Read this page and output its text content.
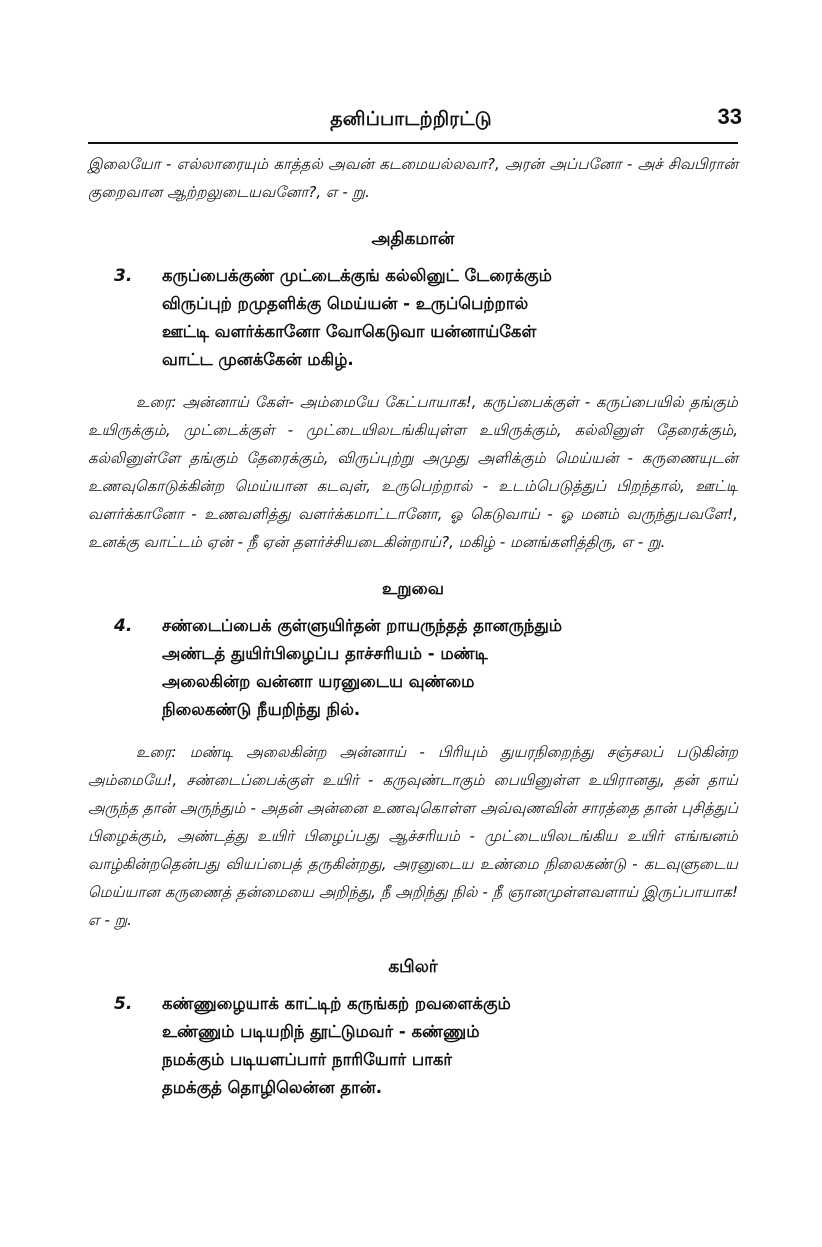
தனிப்பாடற்றிரட்டு	33

இலையோ - எல்லாரையும் காத்தல் அவன் கடமையல்லவா?, அரன் அப்பனோ - அச் சிவபிரான் குறைவான ஆற்றலுடையவனோ?, எ - று.

அதிகமான்
3.	கருப்பைக்குண் முட்டைக்குங் கல்லினுட் டேரைக்கும்
விருப்புற் றமுதளிக்கு மெய்யன் - உருப்பெற்றால்
ஊட்டி வளர்க்கானோ வோகெடுவா யன்னாய்கேள்
வாட்ட முனக்கேன் மகிழ்.

உரை: அன்னாய் கேள்- அம்மையே கேட்பாயாக!, கருப்பைக்குள் - கருப்பையில் தங்கும் உயிருக்கும், முட்டைக்குள் - முட்டையிலடங்கியுள்ள உயிருக்கும், கல்லினுள் தேரைக்கும், கல்லினுள்ளே தங்கும் தேரைக்கும், விருப்புற்று அமுது அளிக்கும் மெய்யன் - கருணையுடன் உணவுகொடுக்கின்ற மெய்யான கடவுள், உருபெற்றால் - உடம்பெடுத்துப் பிறந்தால், ஊட்டி வளர்க்கானோ - உணவளித்து வளர்க்கமாட்டானோ, ஓ கெடுவாய் - ஓ மனம் வருந்துபவளே!, உனக்கு வாட்டம் ஏன் - நீ ஏன் தளர்ச்சியடைகின்றாய்?, மகிழ் - மனங்களித்திரு, எ - று.

உறுவை
4.	சண்டைப்பைக் குள்ளுயிர்தன் றாயருந்தத் தானருந்தும்
அண்டத் துயிர்பிழைப்ப தாச்சரியம் - மண்டி
அலைகின்ற வன்னா யரனுடைய வுண்மை
நிலைகண்டு நீயறிந்து நில்.

உரை: மண்டி அலைகின்ற அன்னாய் - பிரியும் துயரநிறைந்து சஞ்சலப் படுகின்ற அம்மையே!, சண்டைப்பைக்குள் உயிர் - கருவுண்டாகும் பையினுள்ள உயிரானது, தன் தாய் அருந்த தான் அருந்தும் - அதன் அன்னை உணவுகொள்ள அவ்வுணவின் சாரத்தை தான் புசித்துப் பிழைக்கும், அண்டத்து உயிர் பிழைப்பது ஆச்சரியம் - முட்டையிலடங்கிய உயிர் எங்ஙனம் வாழ்கின்றதென்பது வியப்பைத் தருகின்றது, அரனுடைய உண்மை நிலைகண்டு - கடவுளுடைய மெய்யான கருணைத் தன்மையை அறிந்து, நீ அறிந்து நில் - நீ ஞானமுள்ளவளாய் இருப்பாயாக! எ - று.

கபிலர்
5.	கண்ணுழையாக் காட்டிற் கருங்கற் றவளைக்கும்
உண்ணும் படியறிந் தூட்டுமவர் - கண்ணும்
நமக்கும் படியளப்பார் நாரியோர் பாகர்
தமக்குத் தொழிலென்ன தான்.
